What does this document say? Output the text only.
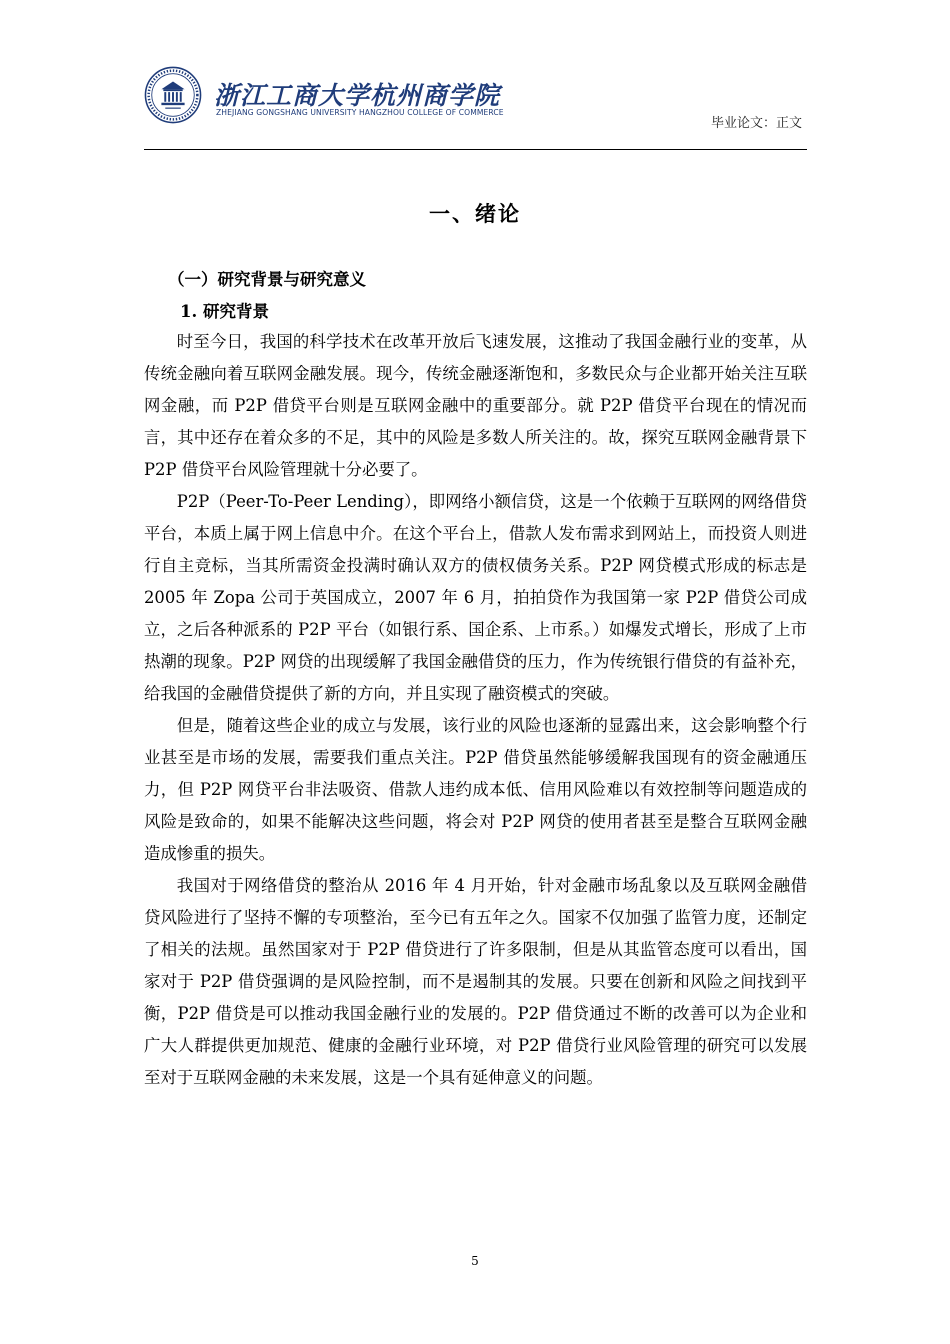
浙江工商大学杭州商学院
ZHEJIANG GONGSHANG UNIVERSITY HANGZHOU COLLEGE OF COMMERCE
毕业论文：正文
一、绪论
（一）研究背景与研究意义
1. 研究背景

时至今日，我国的科学技术在改革开放后飞速发展，这推动了我国金融行业的变革，从传统金融向着互联网金融发展。现今，传统金融逐渐饱和，多数民众与企业都开始关注互联网金融，而 P2P 借贷平台则是互联网金融中的重要部分。就 P2P 借贷平台现在的情况而言，其中还存在着众多的不足，其中的风险是多数人所关注的。故，探究互联网金融背景下 P2P 借贷平台风险管理就十分必要了。

P2P（Peer-To-Peer Lending），即网络小额信贷，这是一个依赖于互联网的网络借贷平台，本质上属于网上信息中介。在这个平台上，借款人发布需求到网站上，而投资人则进行自主竞标，当其所需资金投满时确认双方的债权债务关系。P2P 网贷模式形成的标志是 2005 年 Zopa 公司于英国成立，2007 年 6 月，拍拍贷作为我国第一家 P2P 借贷公司成立，之后各种派系的 P2P 平台（如银行系、国企系、上市系。）如爆发式增长，形成了上市热潮的现象。P2P 网贷的出现缓解了我国金融借贷的压力，作为传统银行借贷的有益补充，给我国的金融借贷提供了新的方向，并且实现了融资模式的突破。

但是，随着这些企业的成立与发展，该行业的风险也逐渐的显露出来，这会影响整个行业甚至是市场的发展，需要我们重点关注。P2P 借贷虽然能够缓解我国现有的资金融通压力，但 P2P 网贷平台非法吸资、借款人违约成本低、信用风险难以有效控制等问题造成的风险是致命的，如果不能解决这些问题，将会对 P2P 网贷的使用者甚至是整合互联网金融造成惨重的损失。

我国对于网络借贷的整治从 2016 年 4 月开始，针对金融市场乱象以及互联网金融借贷风险进行了坚持不懈的专项整治，至今已有五年之久。国家不仅加强了监管力度，还制定了相关的法规。虽然国家对于 P2P 借贷进行了许多限制，但是从其监管态度可以看出，国家对于 P2P 借贷强调的是风险控制，而不是遏制其的发展。只要在创新和风险之间找到平衡，P2P 借贷是可以推动我国金融行业的发展的。P2P 借贷通过不断的改善可以为企业和广大人群提供更加规范、健康的金融行业环境，对 P2P 借贷行业风险管理的研究可以发展至对于互联网金融的未来发展，这是一个具有延伸意义的问题。

5
